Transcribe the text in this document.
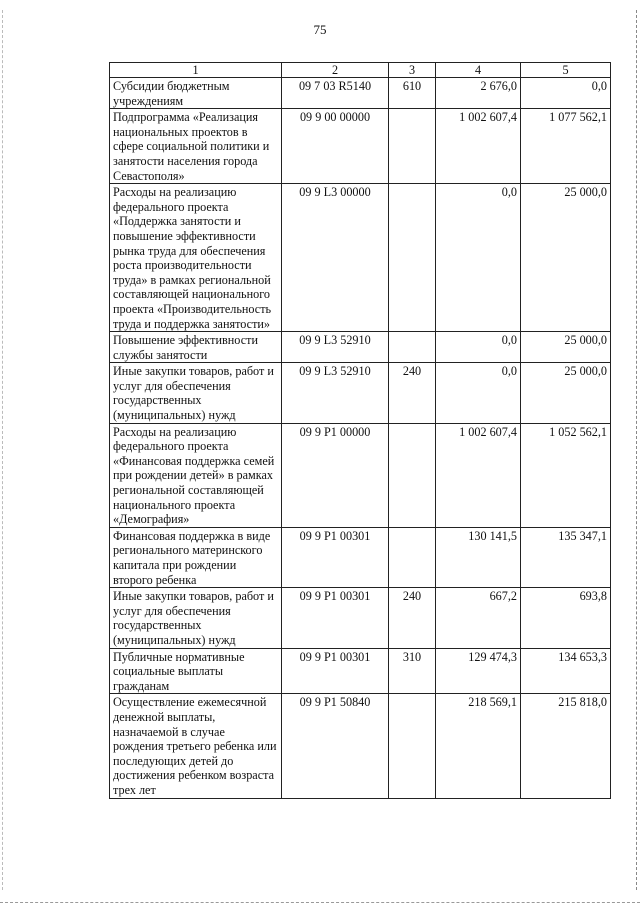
75
1	2	3	4	5
Субсидии бюджетным учреждениям	09 7 03 R5140	610	2 676,0	0,0
Подпрограмма «Реализация национальных проектов в сфере социальной политики и занятости населения города Севастополя»	09 9 00 00000		1 002 607,4	1 077 562,1
Расходы на реализацию федерального проекта «Поддержка занятости и повышение эффективности рынка труда для обеспечения роста производительности труда» в рамках региональной составляющей национального проекта «Производительность труда и поддержка занятости»	09 9 L3 00000		0,0	25 000,0
Повышение эффективности службы занятости	09 9 L3 52910		0,0	25 000,0
Иные закупки товаров, работ и услуг для обеспечения государственных (муниципальных) нужд	09 9 L3 52910	240	0,0	25 000,0
Расходы на реализацию федерального проекта «Финансовая поддержка семей при рождении детей» в рамках региональной составляющей национального проекта «Демография»	09 9 P1 00000		1 002 607,4	1 052 562,1
Финансовая поддержка в виде регионального материнского капитала при рождении второго ребенка	09 9 P1 00301		130 141,5	135 347,1
Иные закупки товаров, работ и услуг для обеспечения государственных (муниципальных) нужд	09 9 P1 00301	240	667,2	693,8
Публичные нормативные социальные выплаты гражданам	09 9 P1 00301	310	129 474,3	134 653,3
Осуществление ежемесячной денежной выплаты, назначаемой в случае рождения третьего ребенка или последующих детей до достижения ребенком возраста трех лет	09 9 P1 50840		218 569,1	215 818,0
